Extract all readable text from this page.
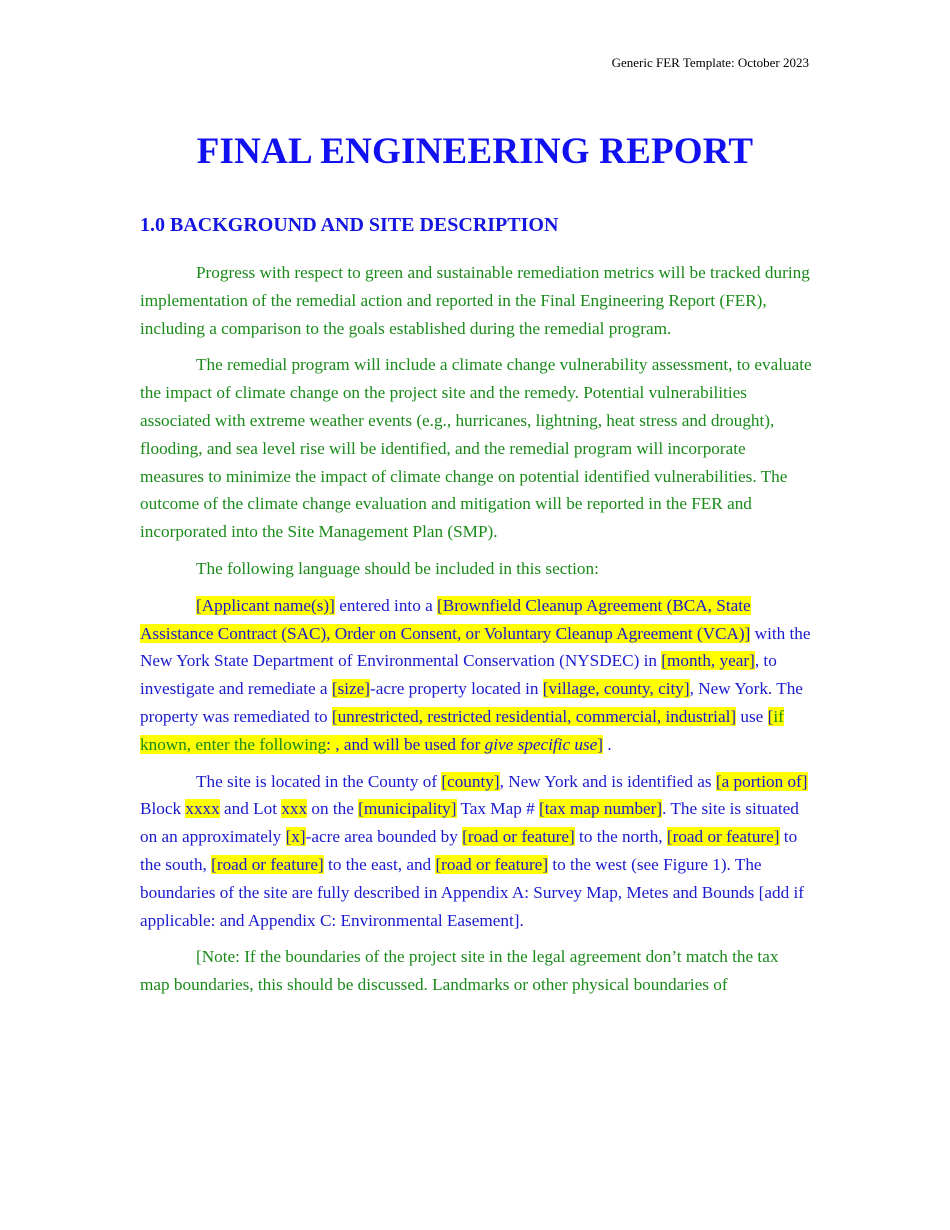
Generic FER Template: October 2023
FINAL ENGINEERING REPORT
1.0 BACKGROUND AND SITE DESCRIPTION

Progress with respect to green and sustainable remediation metrics will be tracked during implementation of the remedial action and reported in the Final Engineering Report (FER), including a comparison to the goals established during the remedial program.

The remedial program will include a climate change vulnerability assessment, to evaluate the impact of climate change on the project site and the remedy. Potential vulnerabilities associated with extreme weather events (e.g., hurricanes, lightning, heat stress and drought), flooding, and sea level rise will be identified, and the remedial program will incorporate measures to minimize the impact of climate change on potential identified vulnerabilities. The outcome of the climate change evaluation and mitigation will be reported in the FER and incorporated into the Site Management Plan (SMP).

The following language should be included in this section:

[Applicant name(s)] entered into a [Brownfield Cleanup Agreement (BCA, State Assistance Contract (SAC), Order on Consent, or Voluntary Cleanup Agreement (VCA)] with the New York State Department of Environmental Conservation (NYSDEC) in [month, year], to investigate and remediate a [size]-acre property located in [village, county, city], New York. The property was remediated to [unrestricted, restricted residential, commercial, industrial] use [if known, enter the following: , and will be used for give specific use] .

The site is located in the County of [county], New York and is identified as [a portion of] Block xxxx and Lot xxx on the [municipality] Tax Map # [tax map number]. The site is situated on an approximately [x]-acre area bounded by [road or feature] to the north, [road or feature] to the south, [road or feature] to the east, and [road or feature] to the west (see Figure 1). The boundaries of the site are fully described in Appendix A: Survey Map, Metes and Bounds [add if applicable: and Appendix C: Environmental Easement].

[Note: If the boundaries of the project site in the legal agreement don’t match the tax map boundaries, this should be discussed. Landmarks or other physical boundaries of
